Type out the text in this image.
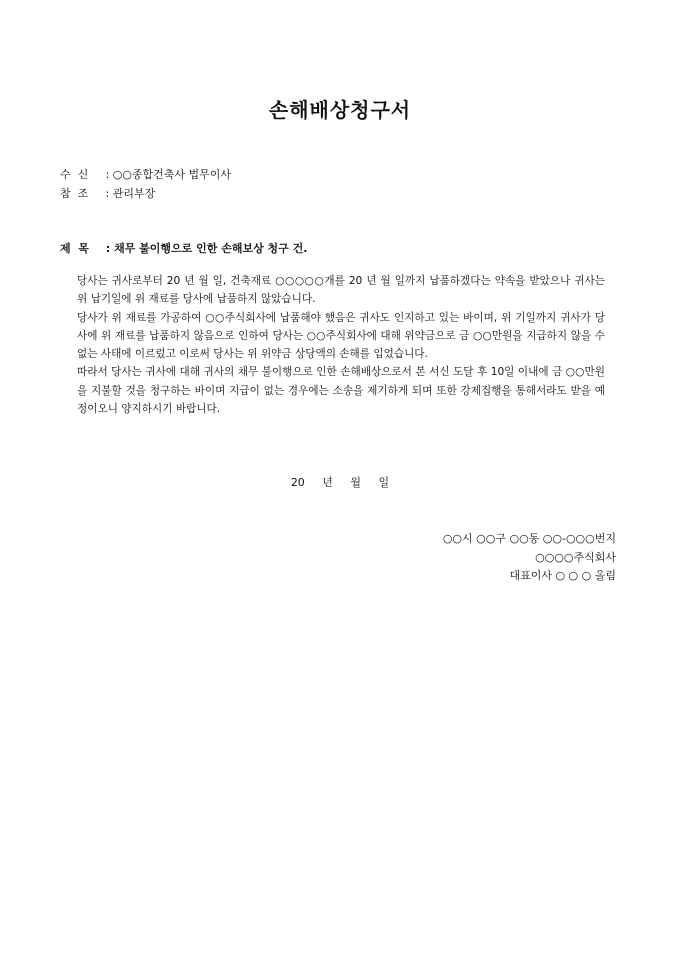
손해배상청구서
수  신 : ○○종합건축사 법무이사
참  조 : 관리부장
제  목 : 채무 불이행으로 인한 손해보상 청구 건.

당사는 귀사로부터 20 년 월 일, 건축재료 ○○○○○개를 20 년 월 일까지 납품하겠다는 약속을 받았으나 귀사는 위 납기일에 위 재료를 당사에 납품하지 않았습니다.

당사가 위 재료를 가공하여 ○○주식회사에 납품해야 했음은 귀사도 인지하고 있는 바이며, 위 기일까지 귀사가 당사에 위 재료를 납품하지 않음으로 인하여 당사는 ○○주식회사에 대해 위약금으로 금 ○○만원을 지급하지 않을 수 없는 사태에 이르렀고 이로써 당사는 위 위약금 상당액의 손해를 입었습니다.

따라서 당사는 귀사에 대해 귀사의 채무 불이행으로 인한 손해배상으로서 본 서신 도달 후 10일 이내에 금 ○○만원을 지불할 것을 청구하는 바이며 지급이 없는 경우에는 소송을 제기하게 되며 또한 강제집행을 통해서라도 받을 예정이오니 양지하시기 바랍니다.

20 년 월 일
○○시 ○○구 ○○동 ○○-○○○번지
○○○○주식회사
대표이사 ○ ○ ○ 올림
